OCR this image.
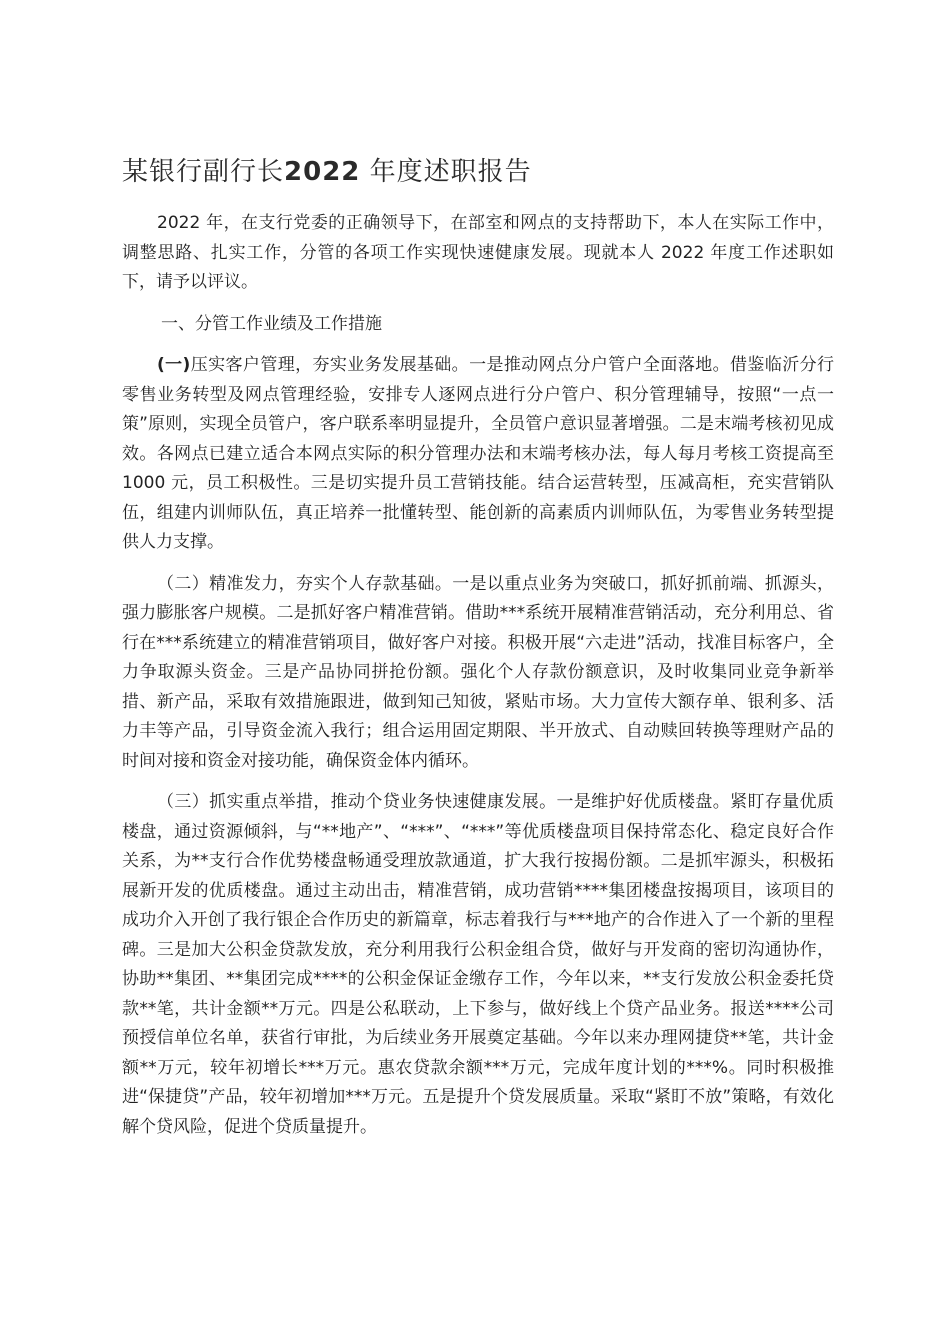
某银行副行长2022 年度述职报告

2022 年，在支行党委的正确领导下，在部室和网点的支持帮助下，本人在实际工作中，调整思路、扎实工作，分管的各项工作实现快速健康发展。现就本人 2022 年度工作述职如下，请予以评议。

一、分管工作业绩及工作措施

(一)压实客户管理，夯实业务发展基础。一是推动网点分户管户全面落地。借鉴临沂分行零售业务转型及网点管理经验，安排专人逐网点进行分户管户、积分管理辅导，按照“一点一策”原则，实现全员管户，客户联系率明显提升，全员管户意识显著增强。二是末端考核初见成效。各网点已建立适合本网点实际的积分管理办法和末端考核办法，每人每月考核工资提高至 1000 元，员工积极性。三是切实提升员工营销技能。结合运营转型，压减高柜，充实营销队伍，组建内训师队伍，真正培养一批懂转型、能创新的高素质内训师队伍，为零售业务转型提供人力支撑。

（二）精准发力，夯实个人存款基础。一是以重点业务为突破口，抓好抓前端、抓源头，强力膨胀客户规模。二是抓好客户精准营销。借助***系统开展精准营销活动，充分利用总、省行在***系统建立的精准营销项目，做好客户对接。积极开展“六走进”活动，找准目标客户，全力争取源头资金。三是产品协同拼抢份额。强化个人存款份额意识，及时收集同业竞争新举措、新产品，采取有效措施跟进，做到知己知彼，紧贴市场。大力宣传大额存单、银利多、活力丰等产品，引导资金流入我行；组合运用固定期限、半开放式、自动赎回转换等理财产品的时间对接和资金对接功能，确保资金体内循环。

（三）抓实重点举措，推动个贷业务快速健康发展。一是维护好优质楼盘。紧盯存量优质楼盘，通过资源倾斜，与“**地产”、“***”、“***”等优质楼盘项目保持常态化、稳定良好合作关系，为**支行合作优势楼盘畅通受理放款通道，扩大我行按揭份额。二是抓牢源头，积极拓展新开发的优质楼盘。通过主动出击，精准营销，成功营销****集团楼盘按揭项目，该项目的成功介入开创了我行银企合作历史的新篇章，标志着我行与***地产的合作进入了一个新的里程碑。三是加大公积金贷款发放，充分利用我行公积金组合贷，做好与开发商的密切沟通协作，协助**集团、**集团完成****的公积金保证金缴存工作，今年以来，**支行发放公积金委托贷款**笔，共计金额**万元。四是公私联动，上下参与，做好线上个贷产品业务。报送****公司预授信单位名单，获省行审批，为后续业务开展奠定基础。今年以来办理网捷贷**笔，共计金额**万元，较年初增长***万元。惠农贷款余额***万元，完成年度计划的***%。同时积极推进“保捷贷”产品，较年初增加***万元。五是提升个贷发展质量。采取“紧盯不放”策略，有效化解个贷风险，促进个贷质量提升。
